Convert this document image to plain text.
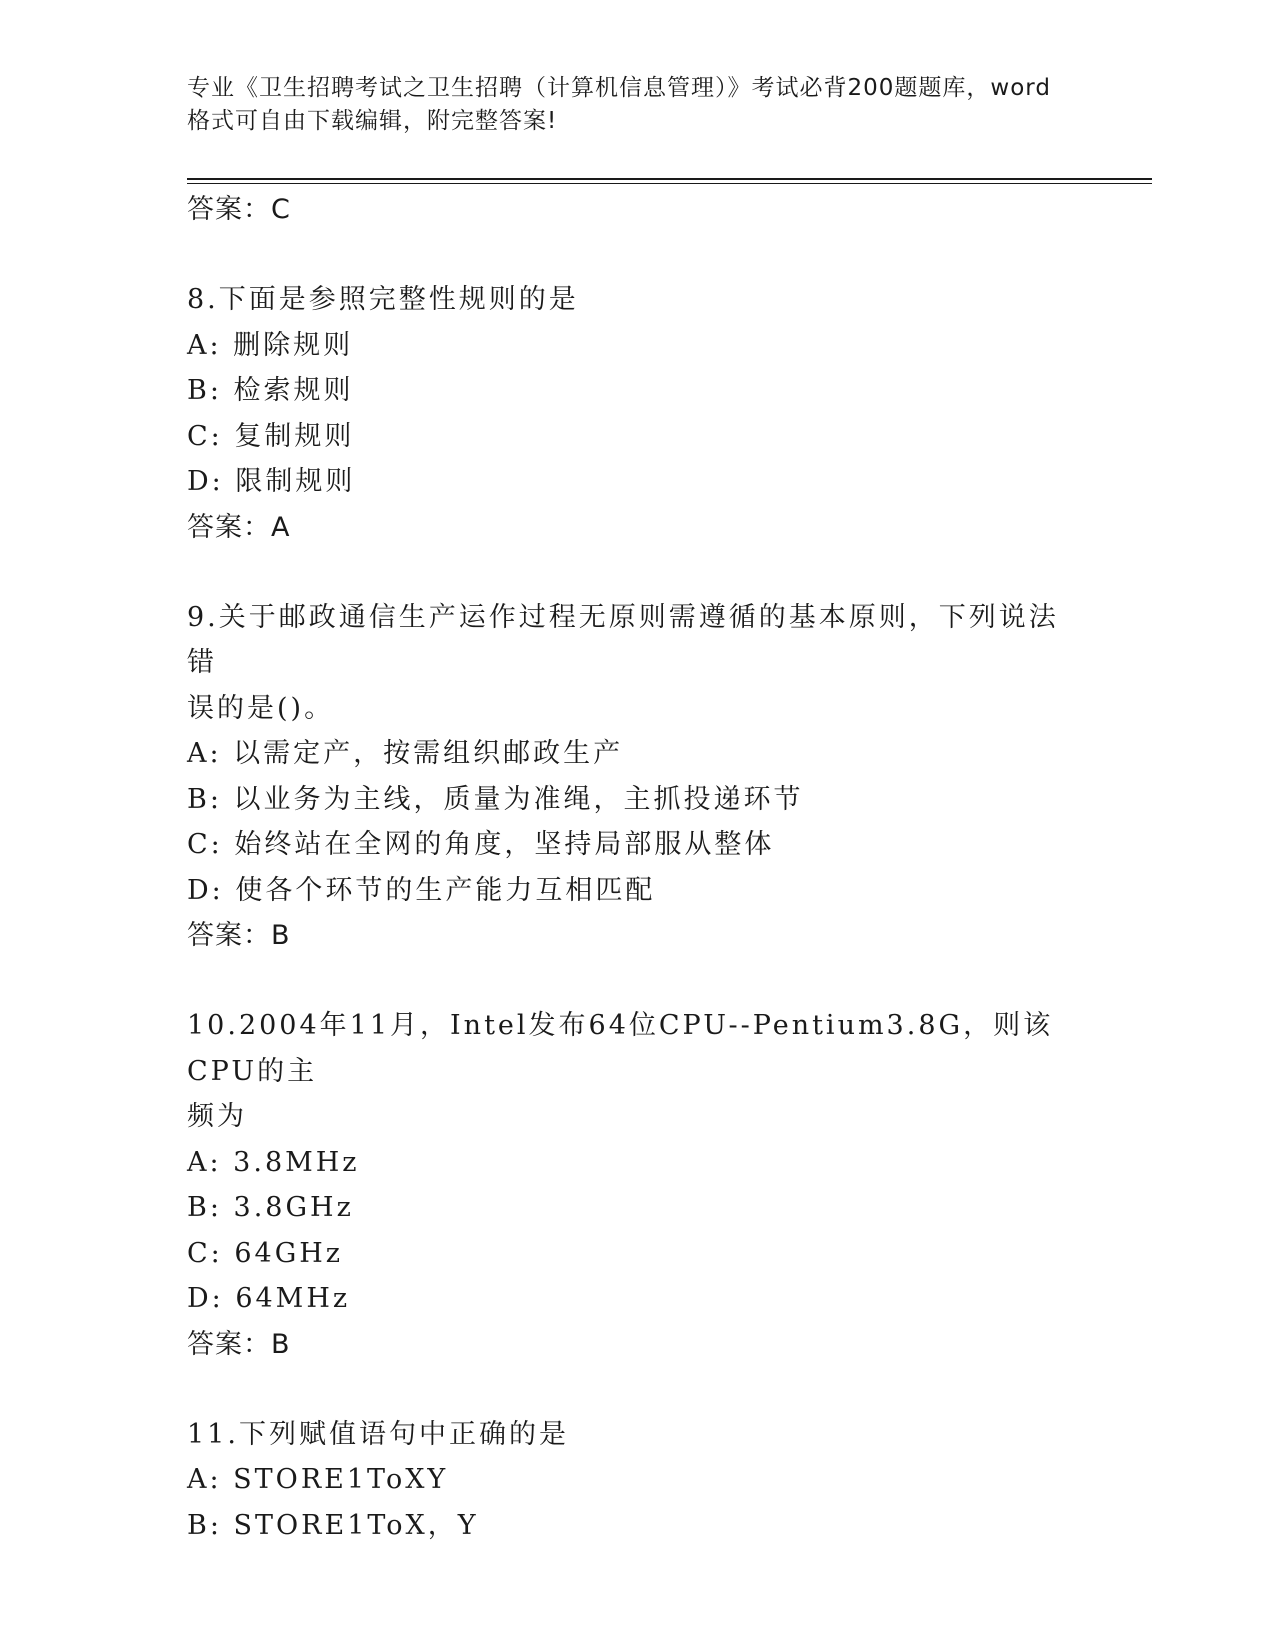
专业《卫生招聘考试之卫生招聘（计算机信息管理）》考试必背200题题库，word
格式可自由下载编辑，附完整答案!
答案：C
8.下面是参照完整性规则的是
A: 删除规则
B: 检索规则
C: 复制规则
D: 限制规则
答案：A
9.关于邮政通信生产运作过程无原则需遵循的基本原则，下列说法错
误的是()。
A: 以需定产，按需组织邮政生产
B: 以业务为主线，质量为准绳，主抓投递环节
C: 始终站在全网的角度，坚持局部服从整体
D: 使各个环节的生产能力互相匹配
答案：B
10.2004年11月，Intel发布64位CPU--Pentium3.8G，则该CPU的主
频为
A: 3.8MHz
B: 3.8GHz
C: 64GHz
D: 64MHz
答案：B
11.下列赋值语句中正确的是
A: STORE1ToXY
B: STORE1ToX，Y
